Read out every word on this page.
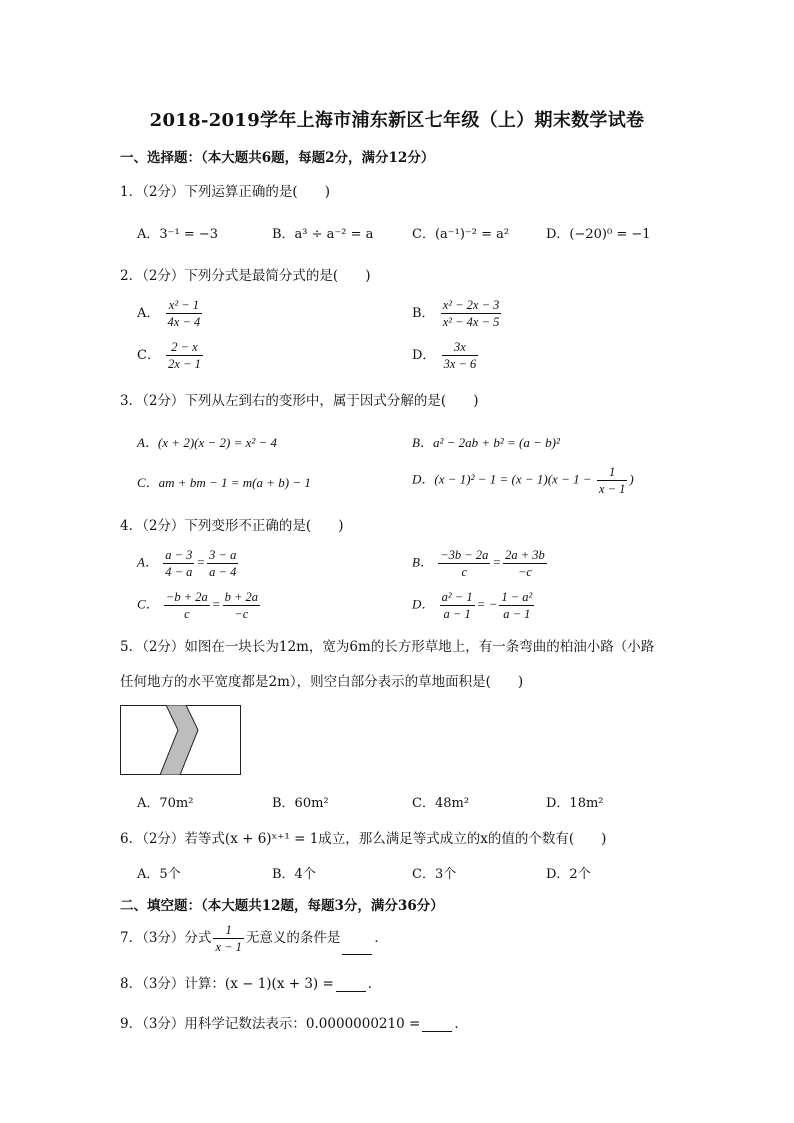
2018-2019学年上海市浦东新区七年级（上）期末数学试卷
一、选择题：（本大题共6题，每题2分，满分12分）
1．（2分）下列运算正确的是(　　)
A．3⁻¹ = −3	B．a³ ÷ a⁻² = a	C．(a⁻¹)⁻² = a²	D．(−20)⁰ = −1
2．（2分）下列分式是最简分式的是(　　)
A． $\frac{\text{x² − 1}}{4x - 4}$	B． $\frac{\text{x² − 2x − 3}}{\text{x² − 4x − 5}}$
C． $\frac{2 - x}{2x - 1}$	D． $\frac{3x}{3x - 6}$
3．（2分）下列从左到右的变形中，属于因式分解的是(　　)
A．(x + 2)(x − 2) = x² − 4	B．a² − 2ab + b² = (a − b)²
C．am + bm − 1 = m(a + b) − 1	D．$(x - 1)^2 - 1 = (x - 1)(x - 1 - \frac{1}{x - 1}$ )
4．（2分）下列变形不正确的是(　　)
A． $\frac{a - 3}{4 - a} = \frac{3 - a}{a - 4}$	B． $\frac{-3b - 2a}{c} = \frac{2a + 3b}{-c}$
C． $\frac{-b + 2a}{c} = \frac{b + 2a}{-c}$	D． $\frac{\text{a² − 1}}{a - 1}$ = − $\frac{\text{1 − a²}}{a - 1}$
5．（2分）如图在一块长为12m，宽为6m的长方形草地上，有一条弯曲的柏油小路（小路
任何地方的水平宽度都是2m），则空白部分表示的草地面积是(　　)
A．70m²	B．60m²	C．48m²	D．18m²
6．（2分）若等式(x + 6)ˣ⁺¹ = 1成立，那么满足等式成立的x的值的个数有(　　)
A．5个	B．4个	C．3个	D．2个
二、填空题：（本大题共12题，每题3分，满分36分）
7．（3分）分式 $\frac{1}{x - 1}$ 无意义的条件是	．
8．（3分）计算：(x − 1)(x + 3) =	．
9．（3分）用科学记数法表示：0.0000000210 =	．
